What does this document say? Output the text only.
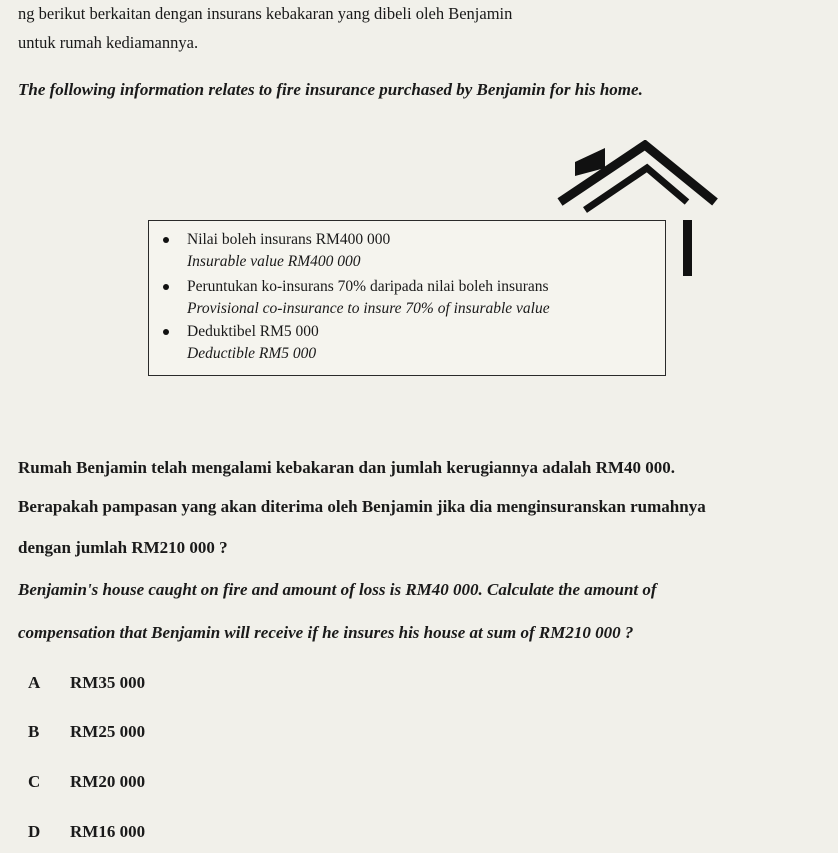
ng berikut berkaitan dengan insurans kebakaran yang dibeli oleh Benjamin
untuk rumah kediamannya.
The following information relates to fire insurance purchased by Benjamin for his home.
Nilai boleh insurans RM400 000
Insurable value RM400 000
Peruntukan ko-insurans 70% daripada nilai boleh insurans
Provisional co-insurance to insure 70% of insurable value
Deduktibel RM5 000
Deductible RM5 000
Rumah Benjamin telah mengalami kebakaran dan jumlah kerugiannya adalah RM40 000.
Berapakah pampasan yang akan diterima oleh Benjamin jika dia menginsuranskan rumahnya
dengan jumlah RM210 000 ?
Benjamin's house caught on fire and amount of loss is RM40 000. Calculate the amount of
compensation that Benjamin will receive if he insures his house at sum of RM210 000 ?
A RM35 000
B RM25 000
C RM20 000
D RM16 000
